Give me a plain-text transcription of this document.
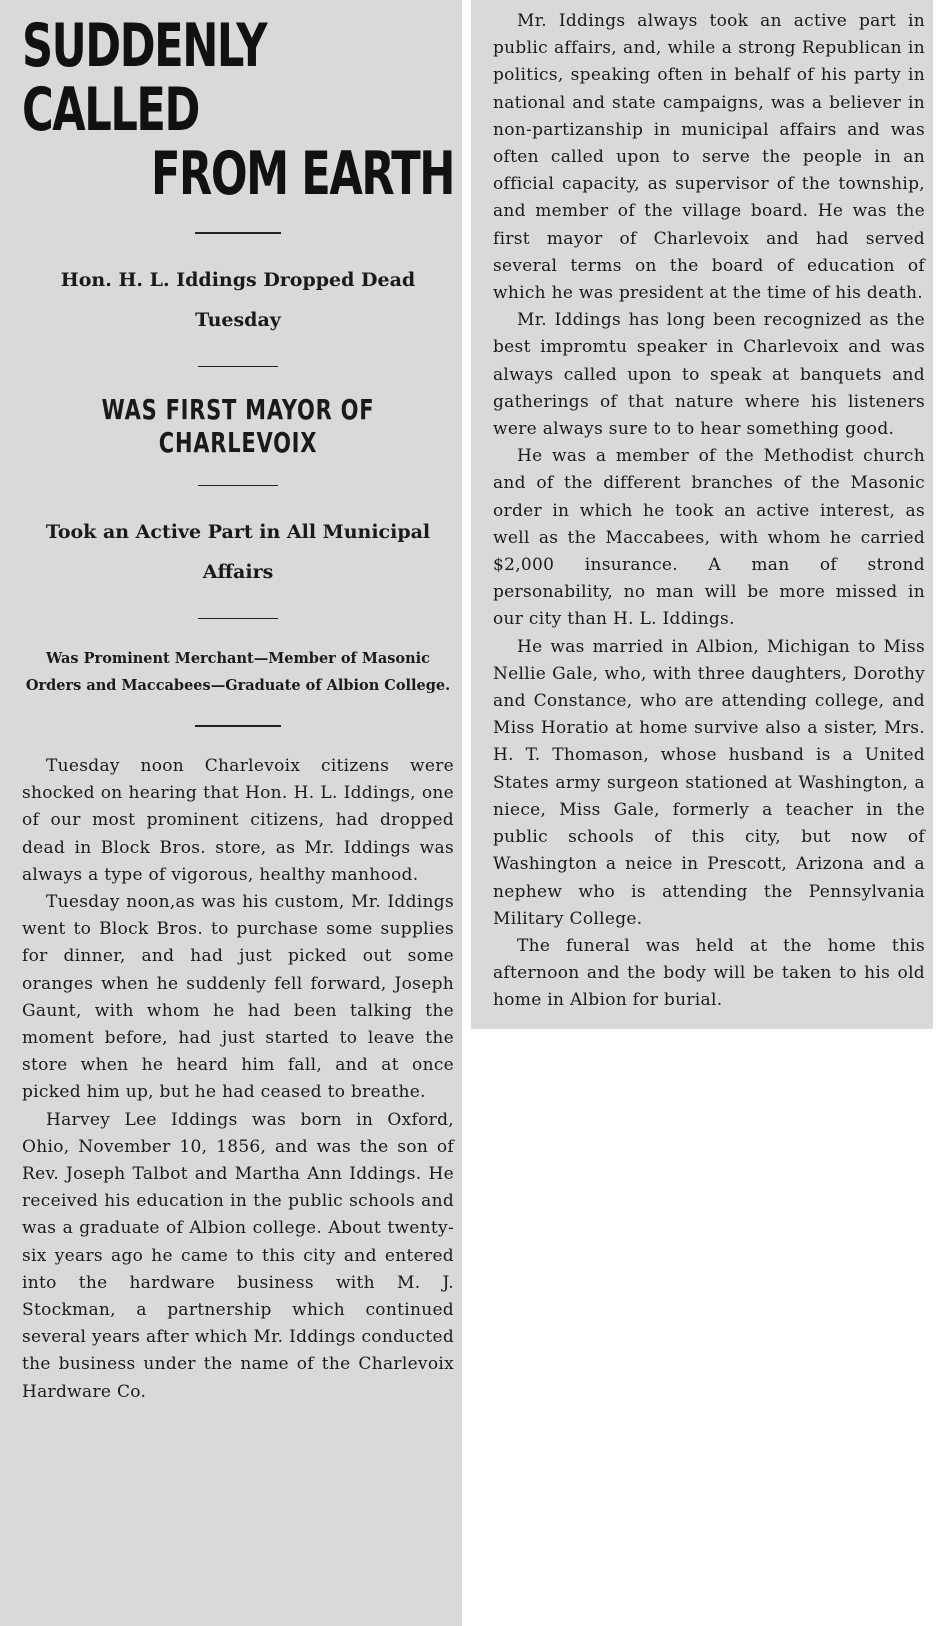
SUDDENLY CALLED
FROM EARTH

Hon. H. L. Iddings Dropped Dead Tuesday

WAS FIRST MAYOR OF CHARLEVOIX

Took an Active Part in All Municipal Affairs

Was Prominent Merchant—Member of Masonic Orders and Maccabees—Graduate of Albion College.

Tuesday noon Charlevoix citizens were shocked on hearing that Hon. H. L. Iddings, one of our most prominent citizens, had dropped dead in Block Bros. store, as Mr. Iddings was always a type of vigorous, healthy manhood.

Tuesday noon,as was his custom, Mr. Iddings went to Block Bros. to purchase some supplies for dinner, and had just picked out some oranges when he suddenly fell forward, Joseph Gaunt, with whom he had been talking the moment before, had just started to leave the store when he heard him fall, and at once picked him up, but he had ceased to breathe.

Harvey Lee Iddings was born in Oxford, Ohio, November 10, 1856, and was the son of Rev. Joseph Talbot and Martha Ann Iddings. He received his education in the public schools and was a graduate of Albion college. About twenty-six years ago he came to this city and entered into the hardware business with M. J. Stockman, a partnership which continued several years after which Mr. Iddings conducted the business under the name of the Charlevoix Hardware Co.

Mr. Iddings always took an active part in public affairs, and, while a strong Republican in politics, speaking often in behalf of his party in national and state campaigns, was a believer in non-partizanship in municipal affairs and was often called upon to serve the people in an official capacity, as supervisor of the township, and member of the village board. He was the first mayor of Charlevoix and had served several terms on the board of education of which he was president at the time of his death.

Mr. Iddings has long been recognized as the best impromtu speaker in Charlevoix and was always called upon to speak at banquets and gatherings of that nature where his listeners were always sure to to hear something good.

He was a member of the Methodist church and of the different branches of the Masonic order in which he took an active interest, as well as the Maccabees, with whom he carried $2,000 insurance. A man of strond personability, no man will be more missed in our city than H. L. Iddings.

He was married in Albion, Michigan to Miss Nellie Gale, who, with three daughters, Dorothy and Constance, who are attending college, and Miss Horatio at home survive also a sister, Mrs. H. T. Thomason, whose husband is a United States army surgeon stationed at Washington, a niece, Miss Gale, formerly a teacher in the public schools of this city, but now of Washington a neice in Prescott, Arizona and a nephew who is attending the Pennsylvania Military College.

The funeral was held at the home this afternoon and the body will be taken to his old home in Albion for burial.
